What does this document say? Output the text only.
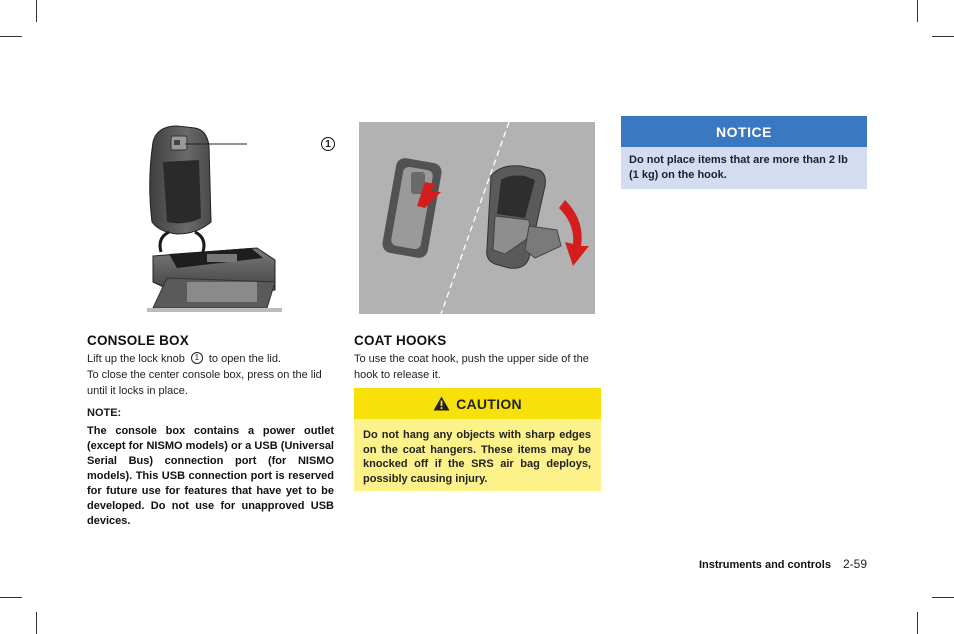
1
CONSOLE BOX

Lift up the lock knob 1 to open the lid.

To close the center console box, press on the lid until it locks in place.

NOTE:
The console box contains a power outlet (except for NISMO models) or a USB (Universal Serial Bus) connection port (for NISMO models). This USB connection port is reserved for future use for features that have yet to be developed. Do not use for unapproved USB devices.
COAT HOOKS
To use the coat hook, push the upper side of the hook to release it.
CAUTION
Do not hang any objects with sharp edges on the coat hangers. These items may be knocked off if the SRS air bag deploys, possibly causing injury.
NOTICE
Do not place items that are more than 2 lb (1 kg) on the hook.
Instruments and controls 2-59
